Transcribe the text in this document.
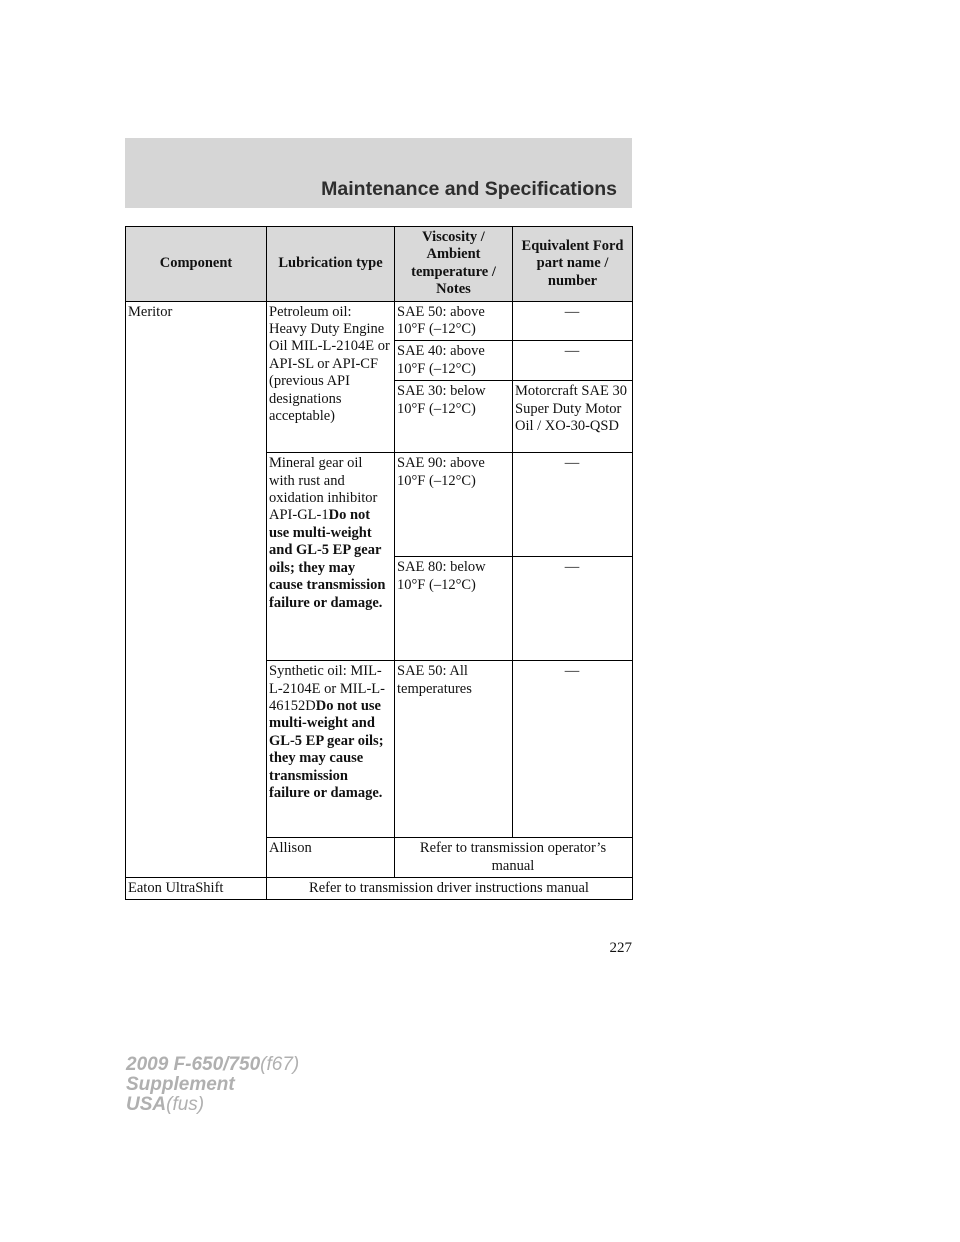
Maintenance and Specifications
Component	Lubrication type	Viscosity / Ambient temperature / Notes	Equivalent Ford part name / number
Meritor	Petroleum oil: Heavy Duty Engine Oil MIL-L-2104E or API-SL or API-CF (previous API designations acceptable)	SAE 50: above 10°F (–12°C)	—
		SAE 40: above 10°F (–12°C)	—
		SAE 30: below 10°F (–12°C)	Motorcraft SAE 30 Super Duty Motor Oil / XO-30-QSD
	Mineral gear oil with rust and oxidation inhibitor API-GL-1Do not use multi-weight and GL-5 EP gear oils; they may cause transmission failure or damage.	SAE 90: above 10°F (–12°C)	—
		SAE 80: below 10°F (–12°C)	—
	Synthetic oil: MIL-L-2104E or MIL-L-46152DDo not use multi-weight and GL-5 EP gear oils; they may cause transmission failure or damage.	SAE 50: All temperatures	—
	Allison	Refer to transmission operator’s manual	
Eaton UltraShift	Refer to transmission driver instructions manual		
227
2009 F-650/750(f67)
Supplement
USA(fus)
